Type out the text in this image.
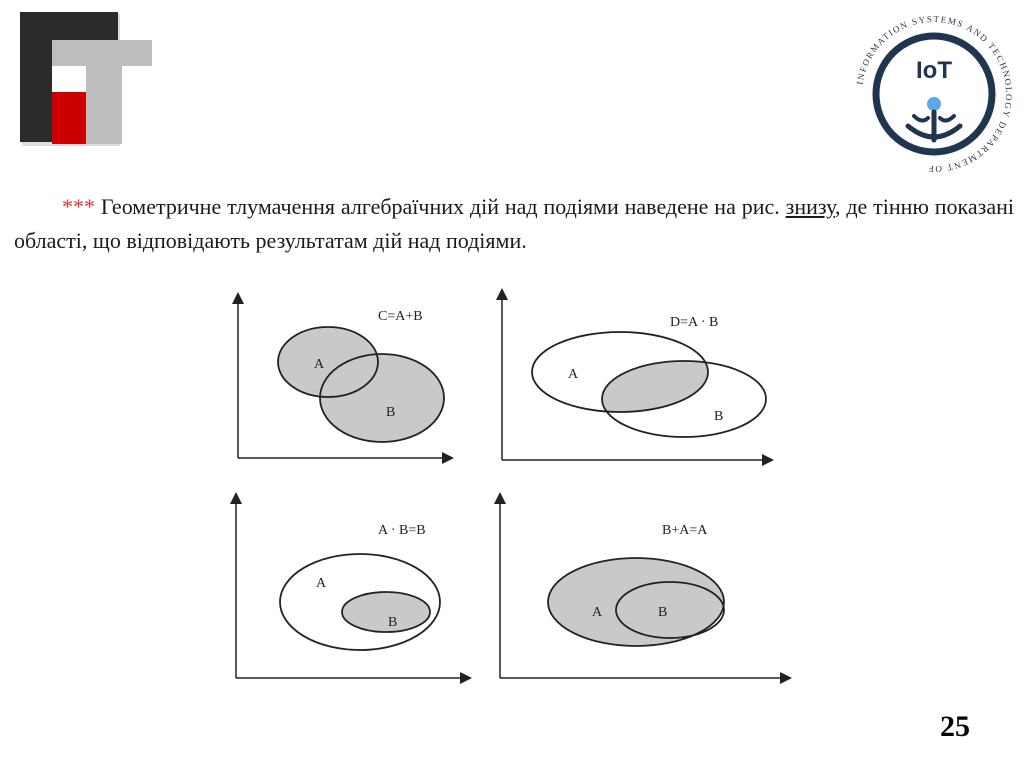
INFORMATION SYSTEMS AND TECHNOLOGY DEPARTMENT OF
IoT

*** Геометричне тлумачення алгебраїчних дій над подіями наведене на рис. знизу, де тінню показані області, що відповідають результатам дій над подіями.

C=A+B
A
B
D=A · B
A
B
A · B=B
A
B
B+A=A
A	B
25
